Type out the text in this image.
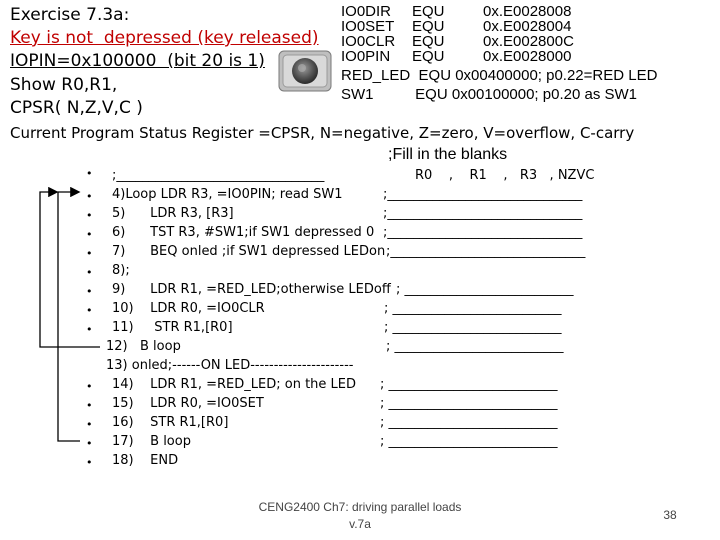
Exercise 7.3a:
Key is not  depressed (key released)
IOPIN=0x100000  (bit 20 is 1)
Show R0,R1,
CPSR( N,Z,V,C )
IO0DIR EQU	0x.E0028008
IO0SET EQU	0x.E0028004
IO0CLR EQU	0x.E002800C
IO0PIN EQU	0x.E0028000
RED_LED  EQU 0x00400000; p0.22=RED LED
SW1          EQU 0x00100000; p0.20 as SW1
Current Program Status Register =CPSR, N=negative, Z=zero, V=overflow, C-carry
;Fill in the blanks
• ;________________________________	R0    ,    R1    ,   R3   , NZVC
• 4)Loop LDR R3, =IO0PIN; read SW1	;______________________________
• 5)      LDR R3, [R3]	;______________________________
• 6)      TST R3, #SW1;if SW1 depressed 0 ;______________________________
• 7)      BEQ onled ;if SW1 depressed LEDon ;______________________________
• 8);
• 9)      LDR R1, =RED_LED;otherwise LEDoff ; __________________________
• 10)    LDR R0, =IO0CLR	; __________________________
• 11)     STR R1,[R0]	; __________________________
12)   B loop	; __________________________
13) onled;------ON LED----------------------
• 14)    LDR R1, =RED_LED; on the LED ; __________________________
• 15)    LDR R0, =IO0SET	; __________________________
• 16)    STR R1,[R0]	; __________________________
• 17)    B loop	; __________________________
• 18)    END
CENG2400 Ch7: driving parallel loads
v.7a
38
